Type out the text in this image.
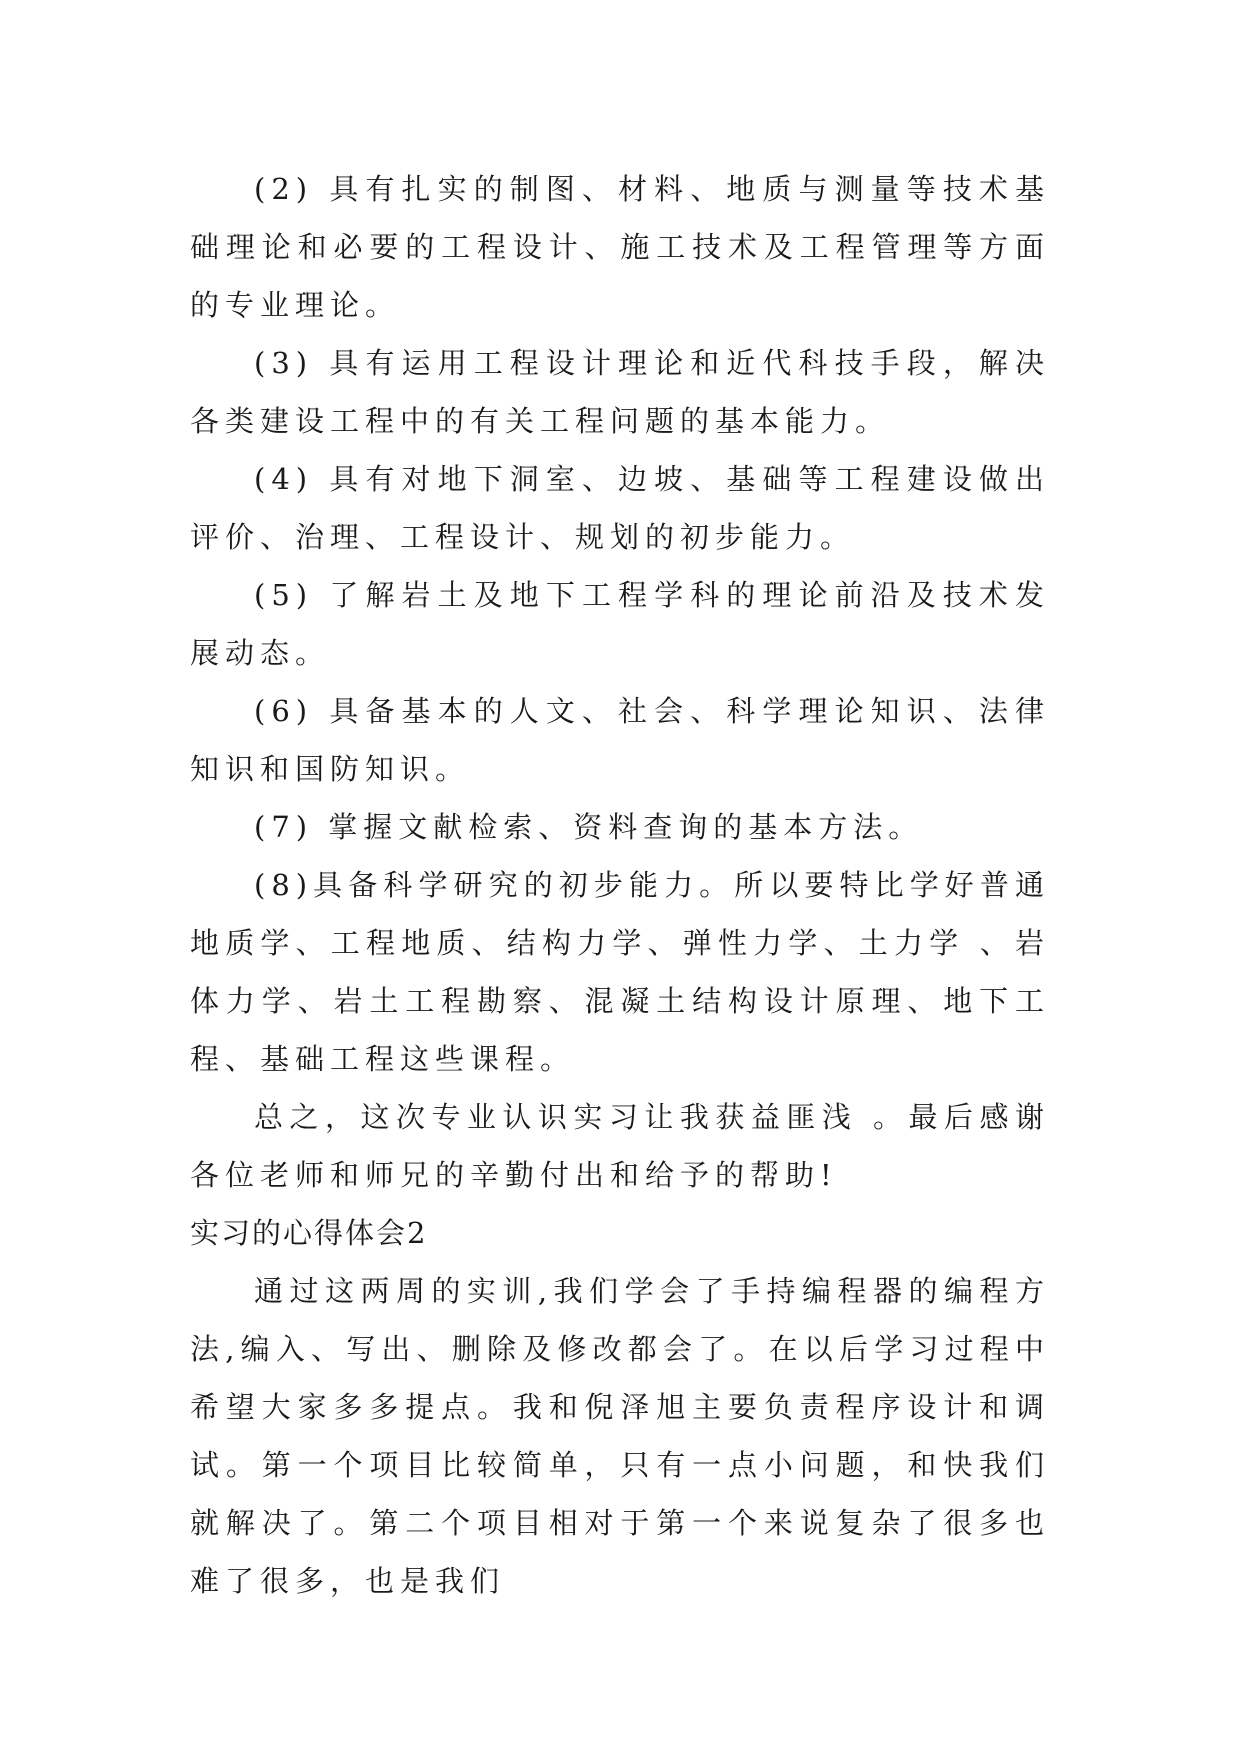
(2) 具有扎实的制图、材料、地质与测量等技术基础理论和必要的工程设计、施工技术及工程管理等方面的专业理论。

(3) 具有运用工程设计理论和近代科技手段，解决各类建设工程中的有关工程问题的基本能力。

(4) 具有对地下洞室、边坡、基础等工程建设做出评价、治理、工程设计、规划的初步能力。

(5) 了解岩土及地下工程学科的理论前沿及技术发展动态。

(6) 具备基本的人文、社会、科学理论知识、法律知识和国防知识。

(7) 掌握文献检索、资料查询的基本方法。

(8)具备科学研究的初步能力。所以要特比学好普通地质学、工程地质、结构力学、弹性力学、土力学 、岩体力学、岩土工程勘察、混凝土结构设计原理、地下工程、基础工程这些课程。

总之，这次专业认识实习让我获益匪浅 。最后感谢各位老师和师兄的辛勤付出和给予的帮助!

实习的心得体会2

通过这两周的实训,我们学会了手持编程器的编程方法,编入、写出、删除及修改都会了。在以后学习过程中希望大家多多提点。我和倪泽旭主要负责程序设计和调试。第一个项目比较简单，只有一点小问题，和快我们就解决了。第二个项目相对于第一个来说复杂了很多也难了很多，也是我们
